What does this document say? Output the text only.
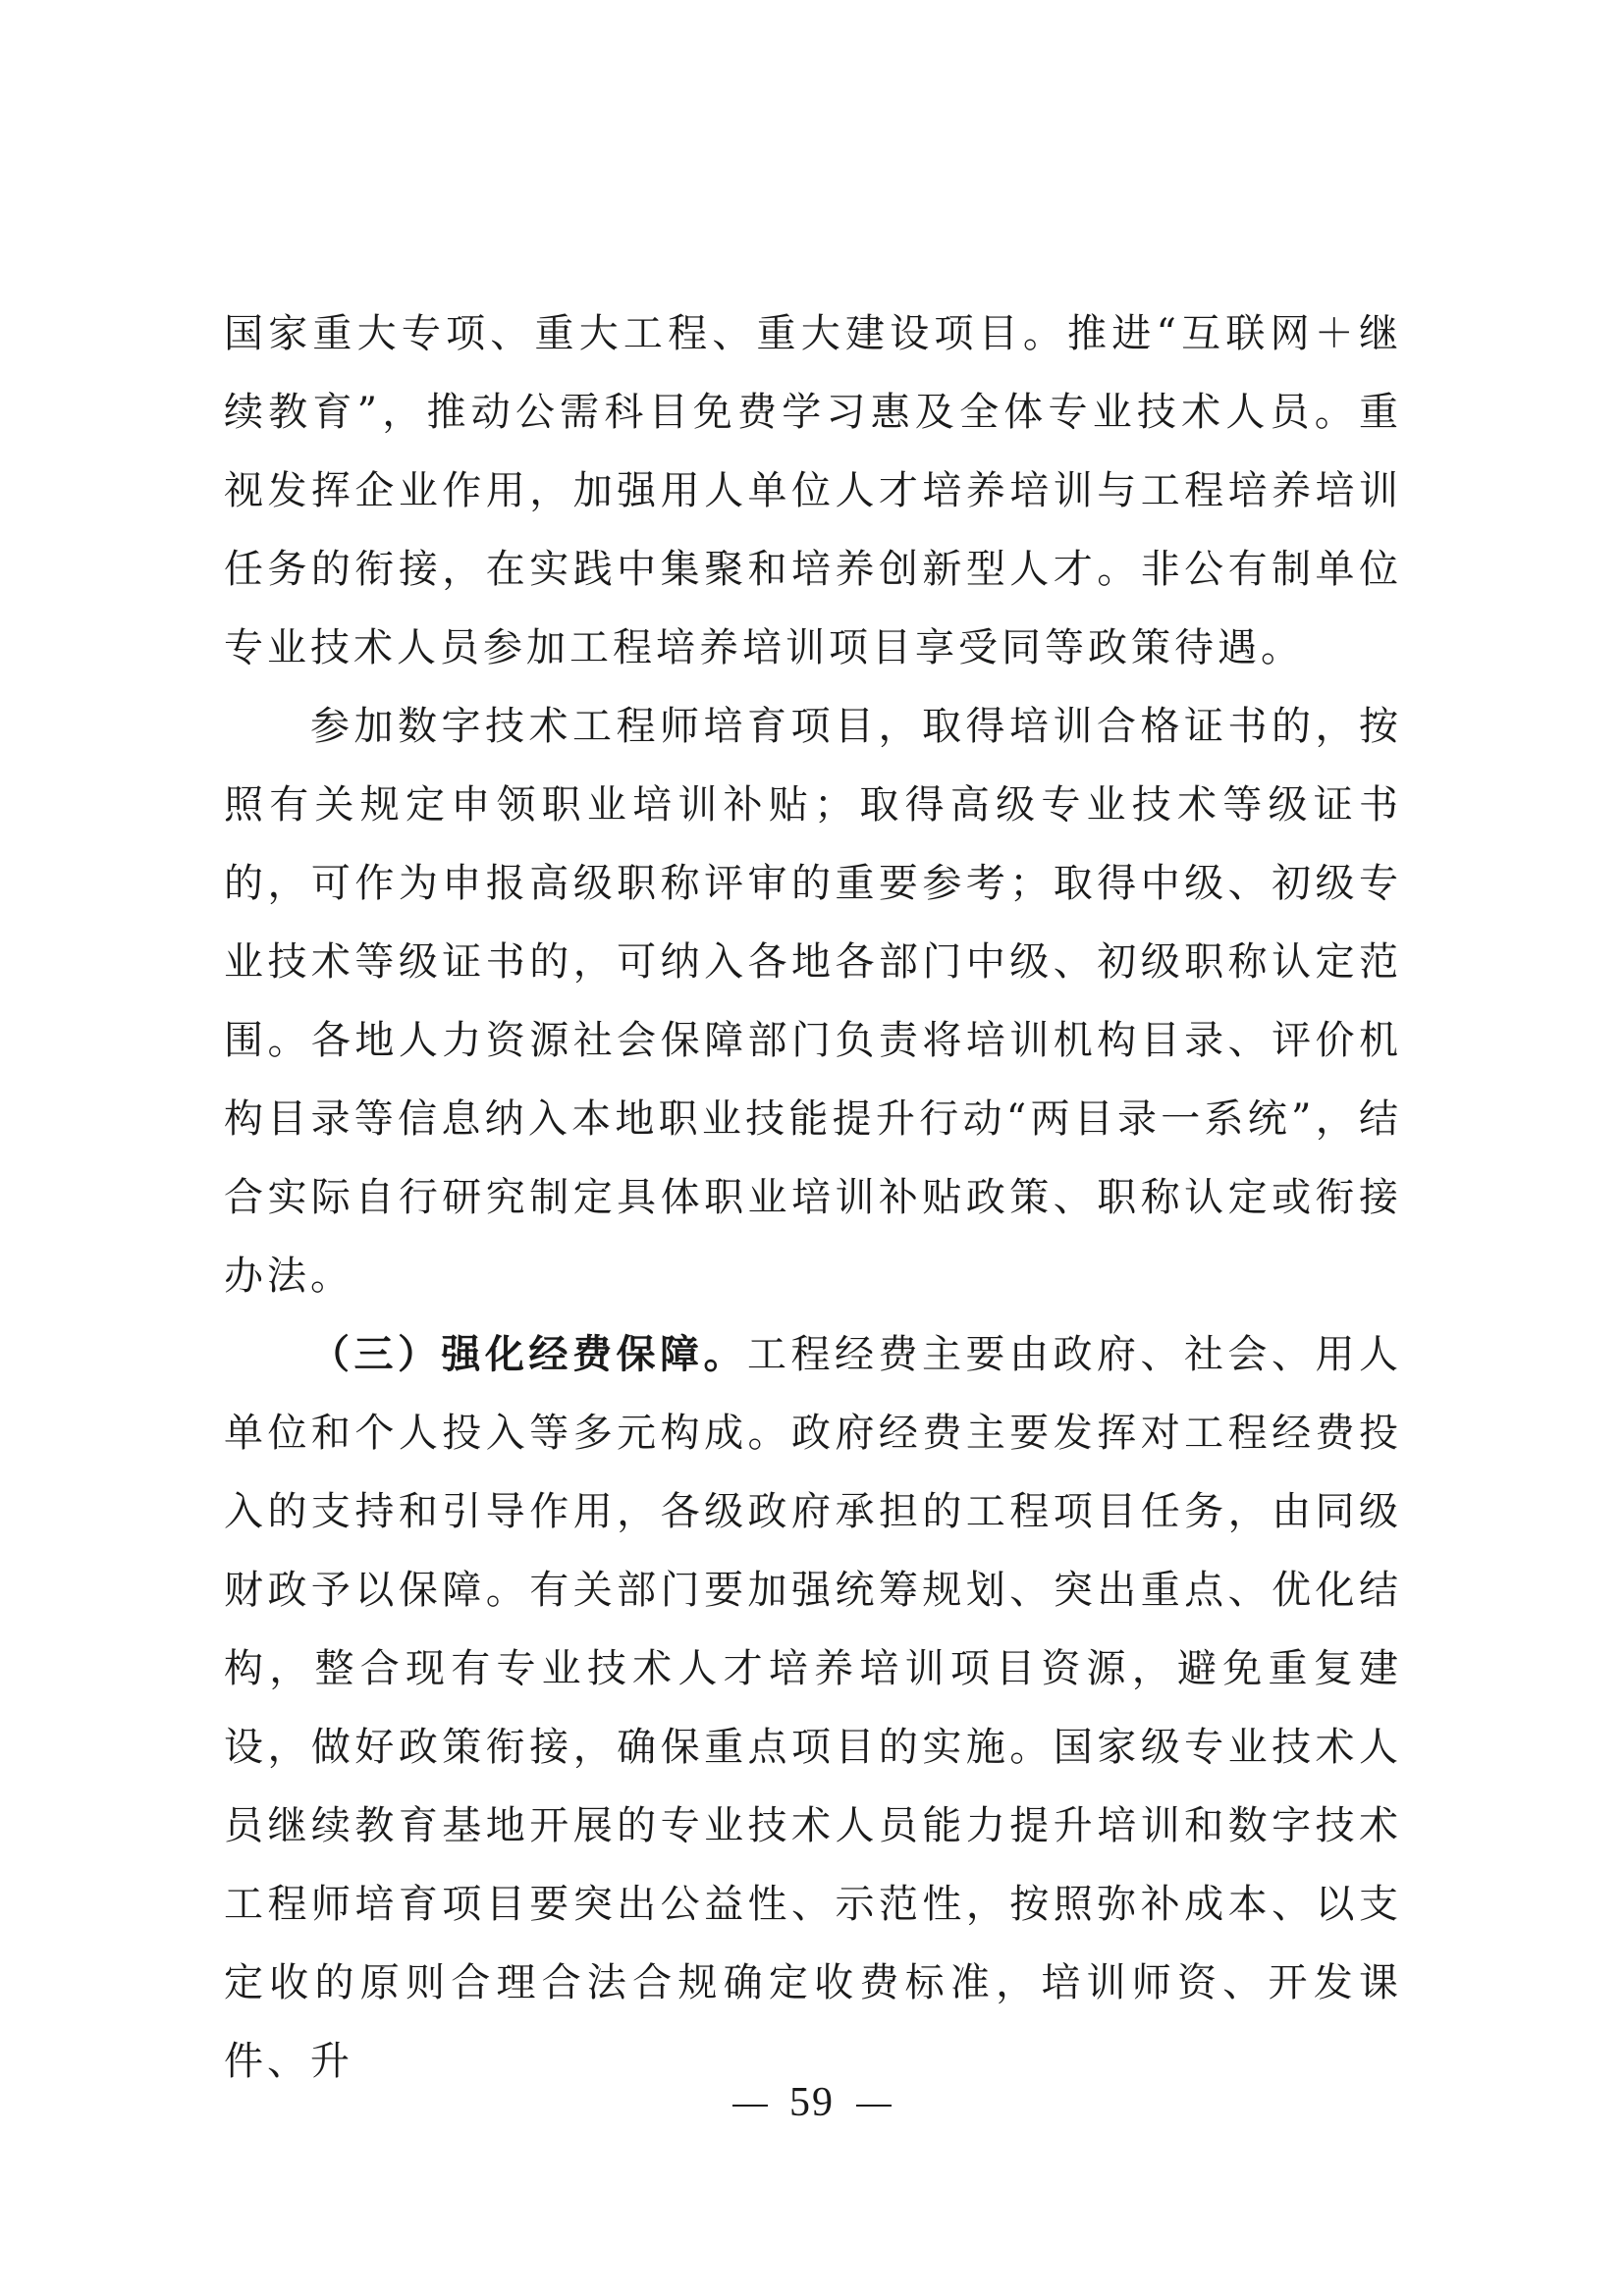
国家重大专项、重大工程、重大建设项目。推进“互联网＋继续教育”，推动公需科目免费学习惠及全体专业技术人员。重视发挥企业作用，加强用人单位人才培养培训与工程培养培训任务的衔接，在实践中集聚和培养创新型人才。非公有制单位专业技术人员参加工程培养培训项目享受同等政策待遇。

参加数字技术工程师培育项目，取得培训合格证书的，按照有关规定申领职业培训补贴；取得高级专业技术等级证书的，可作为申报高级职称评审的重要参考；取得中级、初级专业技术等级证书的，可纳入各地各部门中级、初级职称认定范围。各地人力资源社会保障部门负责将培训机构目录、评价机构目录等信息纳入本地职业技能提升行动“两目录一系统”，结合实际自行研究制定具体职业培训补贴政策、职称认定或衔接办法。

（三）强化经费保障。工程经费主要由政府、社会、用人单位和个人投入等多元构成。政府经费主要发挥对工程经费投入的支持和引导作用，各级政府承担的工程项目任务，由同级财政予以保障。有关部门要加强统筹规划、突出重点、优化结构，整合现有专业技术人才培养培训项目资源，避免重复建设，做好政策衔接，确保重点项目的实施。国家级专业技术人员继续教育基地开展的专业技术人员能力提升培训和数字技术工程师培育项目要突出公益性、示范性，按照弥补成本、以支定收的原则合理合法合规确定收费标准，培训师资、开发课件、升

59
